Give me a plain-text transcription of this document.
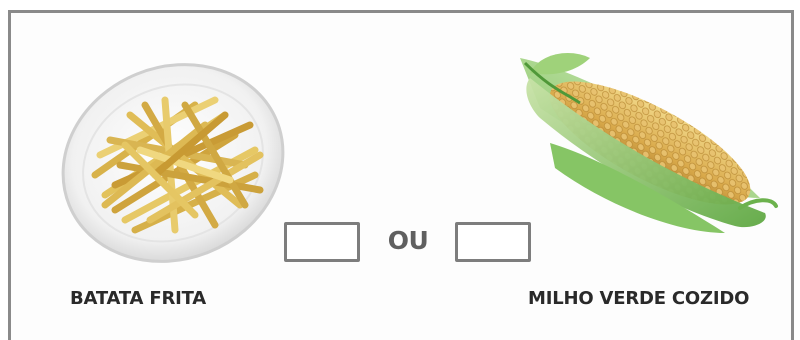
OU
BATATA FRITA	MILHO VERDE COZIDO
